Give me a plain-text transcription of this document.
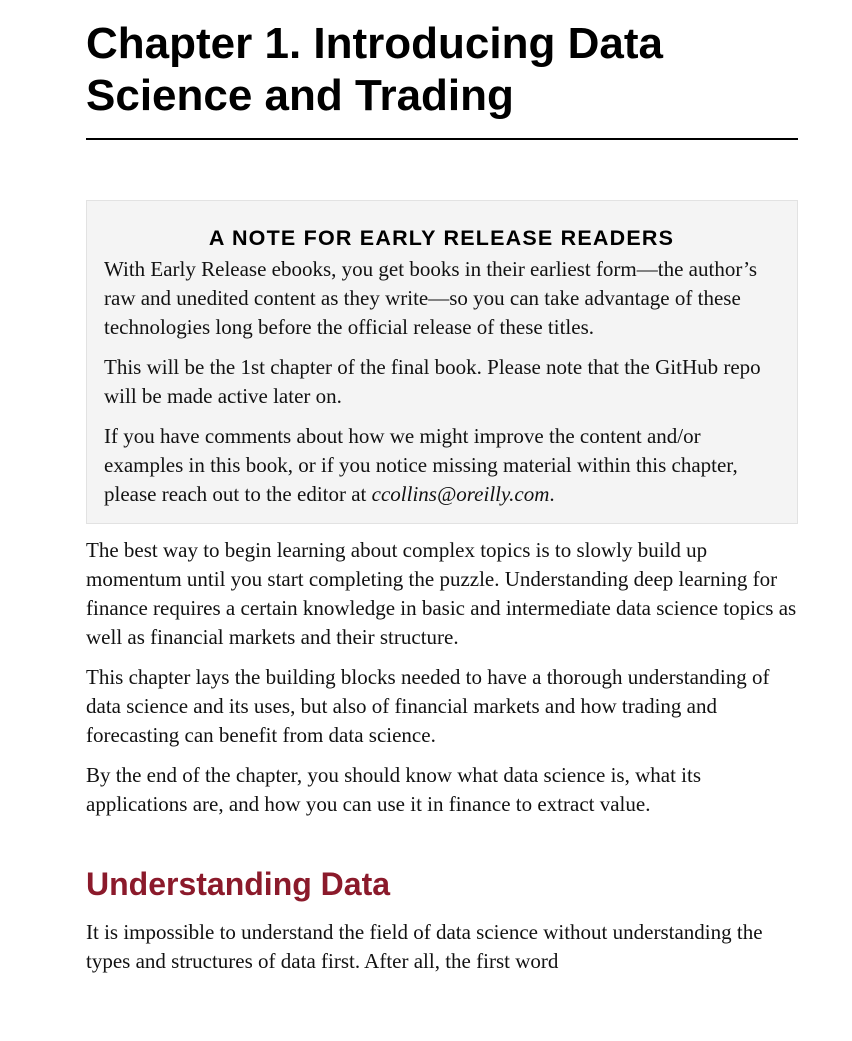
Chapter 1. Introducing Data
Science and Trading
A NOTE FOR EARLY RELEASE READERS

With Early Release ebooks, you get books in their earliest form—the author’s raw and unedited content as they write—so you can take advantage of these technologies long before the official release of these titles.

This will be the 1st chapter of the final book. Please note that the GitHub repo will be made active later on.

If you have comments about how we might improve the content and/or examples in this book, or if you notice missing material within this chapter, please reach out to the editor at ccollins@oreilly.com.

The best way to begin learning about complex topics is to slowly build up momentum until you start completing the puzzle. Understanding deep learning for finance requires a certain knowledge in basic and intermediate data science topics as well as financial markets and their structure.

This chapter lays the building blocks needed to have a thorough understanding of data science and its uses, but also of financial markets and how trading and forecasting can benefit from data science.

By the end of the chapter, you should know what data science is, what its applications are, and how you can use it in finance to extract value.

Understanding Data

It is impossible to understand the field of data science without understanding the types and structures of data first. After all, the first word
